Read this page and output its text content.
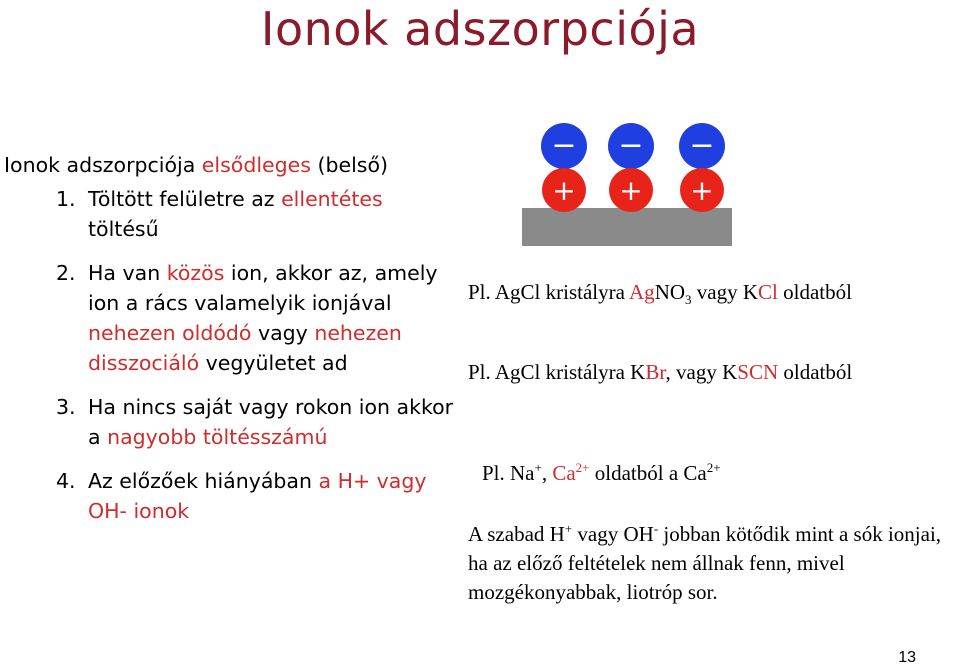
Ionok adszorpciója
Ionok adszorpciója elsődleges (belső)
1. Töltött felületre az ellentétes töltésű
2. Ha van közös ion, akkor az, amely ion a rács valamelyik ionjával nehezen oldódó vagy nehezen disszociáló vegyületet ad
3. Ha nincs saját vagy rokon ion akkor a nagyobb töltésszámú
4. Az előzőek hiányában a H+ vagy OH- ionok
− − −
+ + +
Pl. AgCl kristályra AgNO$_3$ vagy KCl oldatból
Pl. AgCl kristályra KBr, vagy KSCN oldatból
Pl. Na+, $Ca^{2+}$ oldatból a $Ca^{2+}$
A szabad H+ vagy OH- jobban kötődik mint a sók ionjai, ha az előző feltételek nem állnak fenn, mivel mozgékonyabbak, liotróp sor.
13
